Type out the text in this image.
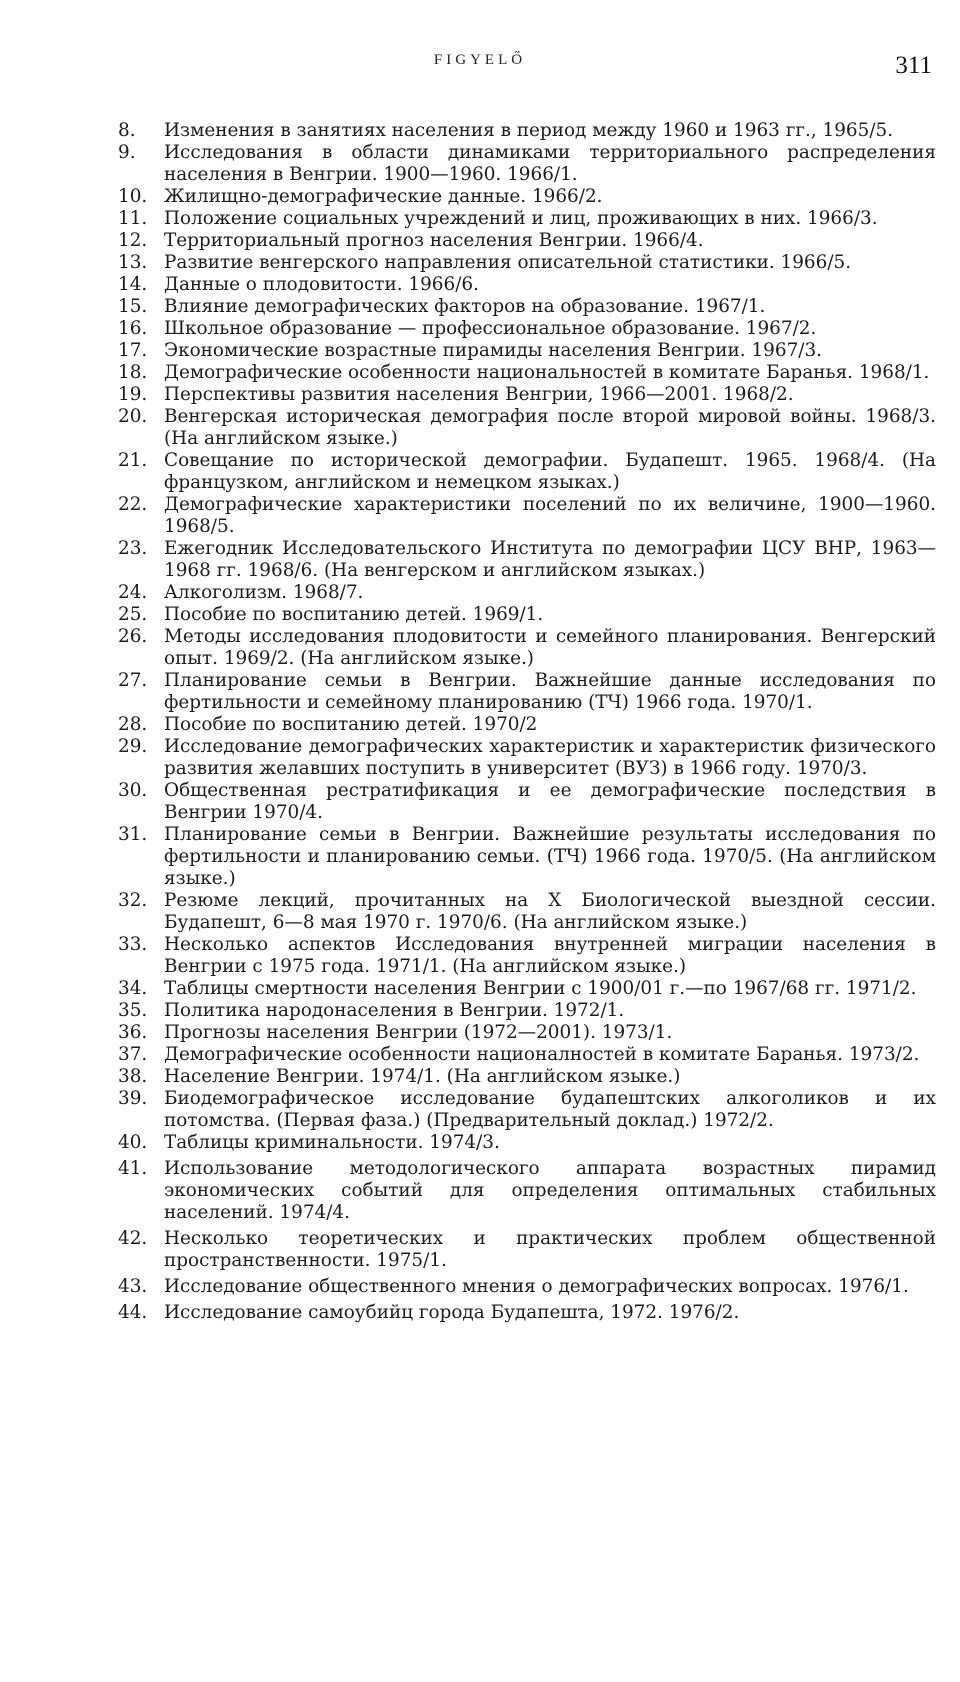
FIGYELŐ	311
8.	Изменения в занятиях населения в период между 1960 и 1963 гг., 1965/5.
9.	Исследования в области динамиками территориального распределения населения в Венгрии. 1900—1960. 1966/1.
10. Жилищно-демографические данные. 1966/2.
11. Положение социальных учреждений и лиц, проживающих в них. 1966/3.
12. Территориальный прогноз населения Венгрии. 1966/4.
13. Развитие венгерского направления описательной статистики. 1966/5.
14. Данные о плодовитости. 1966/6.
15. Влияние демографических факторов на образование. 1967/1.
16. Школьное образование — профессиональное образование. 1967/2.
17. Экономические возрастные пирамиды населения Венгрии. 1967/3.
18. Демографические особенности национальностей в комитате Баранья. 1968/1.
19. Перспективы развития населения Венгрии, 1966—2001. 1968/2.
20. Венгерская историческая демография после второй мировой войны. 1968/3. (На английском языке.)
21. Совещание по исторической демографии. Будапешт. 1965. 1968/4. (На французком, английском и немецком языках.)
22. Демографические характеристики поселений по их величине, 1900—1960. 1968/5.
23. Ежегодник Исследовательского Института по демографии ЦСУ ВНР, 1963—1968 гг. 1968/6. (На венгерском и английском языках.)
24. Алкоголизм. 1968/7.
25. Пособие по воспитанию детей. 1969/1.
26. Методы исследования плодовитости и семейного планирования. Венгерский опыт. 1969/2. (На английском языке.)
27. Планирование семьи в Венгрии. Важнейшие данные исследования по фертильности и семейному планированию (ТЧ) 1966 года. 1970/1.
28. Пособие по воспитанию детей. 1970/2
29. Исследование демографических характеристик и характеристик физического развития желавших поступить в университет (ВУЗ) в 1966 году. 1970/3.
30. Общественная рестратификация и ее демографические последствия в Венгрии 1970/4.
31. Планирование семьи в Венгрии. Важнейшие результаты исследования по фертильности и планированию семьи. (ТЧ) 1966 года. 1970/5. (На английском языке.)
32. Резюме лекций, прочитанных на X Биологической выездной сессии. Будапешт, 6—8 мая 1970 г. 1970/6. (На английском языке.)
33. Несколько аспектов Исследования внутренней миграции населения в Венгрии с 1975 года. 1971/1. (На английском языке.)
34. Таблицы смертности населения Венгрии с 1900/01 г.—по 1967/68 гг. 1971/2.
35. Политика народонаселения в Венгрии. 1972/1.
36. Прогнозы населения Венгрии (1972—2001). 1973/1.
37. Демографические особенности националностей в комитате Баранья. 1973/2.
38. Население Венгрии. 1974/1. (На английском языке.)
39. Биодемографическое исследование будапештских алкоголиков и их потомства. (Первая фаза.) (Предварительный доклад.) 1972/2.
40. Таблицы криминальности. 1974/3.
41. Использование методологического аппарата возрастных пирамид экономических событий для определения оптимальных стабильных населений. 1974/4.
42. Несколько теоретических и практических проблем общественной пространственности. 1975/1.
43. Исследование общественного мнения о демографических вопросах. 1976/1.
44. Исследование самоубийц города Будапешта, 1972. 1976/2.
